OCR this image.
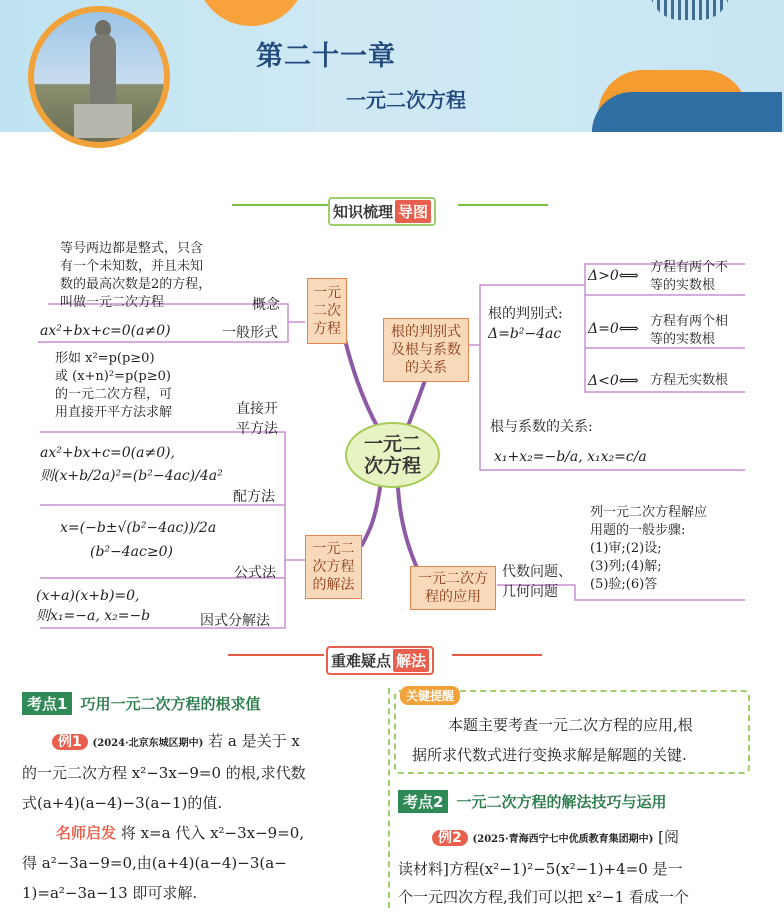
第二十一章
一元二次方程
知识梳理 导图
一元二
次方程
一元
二次
方程	根的判别式
及根与系数
的关系
一元二
次方程
的解法	一元二次方
程的应用
等号两边都是整式，只含
有一个未知数，并且未知
数的最高次数是2的方程，
叫做一元二次方程	概念
ax²+bx+c=0(a≠0)	一般形式
形如 x²=p(p≥0)
或 (x+n)²=p(p≥0)
的一元二次方程，可
用直接开平方法求解	直接开
平方法
ax²+bx+c=0(a≠0),
则(x+b/2a)²=(b²−4ac)/4a²
配方法
x=(−b±√(b²−4ac))/2a
(b²−4ac≥0)
公式法
(x+a)(x+b)=0,
则x₁=−a, x₂=−b	因式分解法
根的判别式:
Δ=b²−4ac
Δ>0⟺
方程有两个不
等的实数根
Δ=0⟺ 方程有两个相
等的实数根
Δ<0⟺ 方程无实数根
根与系数的关系:
x₁+x₂=−b/a, x₁x₂=c/a
代数问题、
几何问题
列一元二次方程解应
用题的一般步骤:
(1)审;(2)设;
(3)列;(4)解;
(5)验;(6)答
重难疑点 解法
考点1 巧用一元二次方程的根求值
例1 (2024·北京东城区期中) 若 a 是关于 x
的一元二次方程 x²−3x−9=0 的根,求代数
式(a+4)(a−4)−3(a−1)的值.
名师启发 将 x=a 代入 x²−3x−9=0,
得 a²−3a−9=0,由(a+4)(a−4)−3(a−
1)=a²−3a−13 即可求解.
关键提醒
本题主要考查一元二次方程的应用,根
据所求代数式进行变换求解是解题的关键.
考点2 一元二次方程的解法技巧与运用
例2 (2025·青海西宁七中优质教育集团期中) [阅
读材料]方程(x²−1)²−5(x²−1)+4=0 是一
个一元四次方程,我们可以把 x²−1 看成一个
